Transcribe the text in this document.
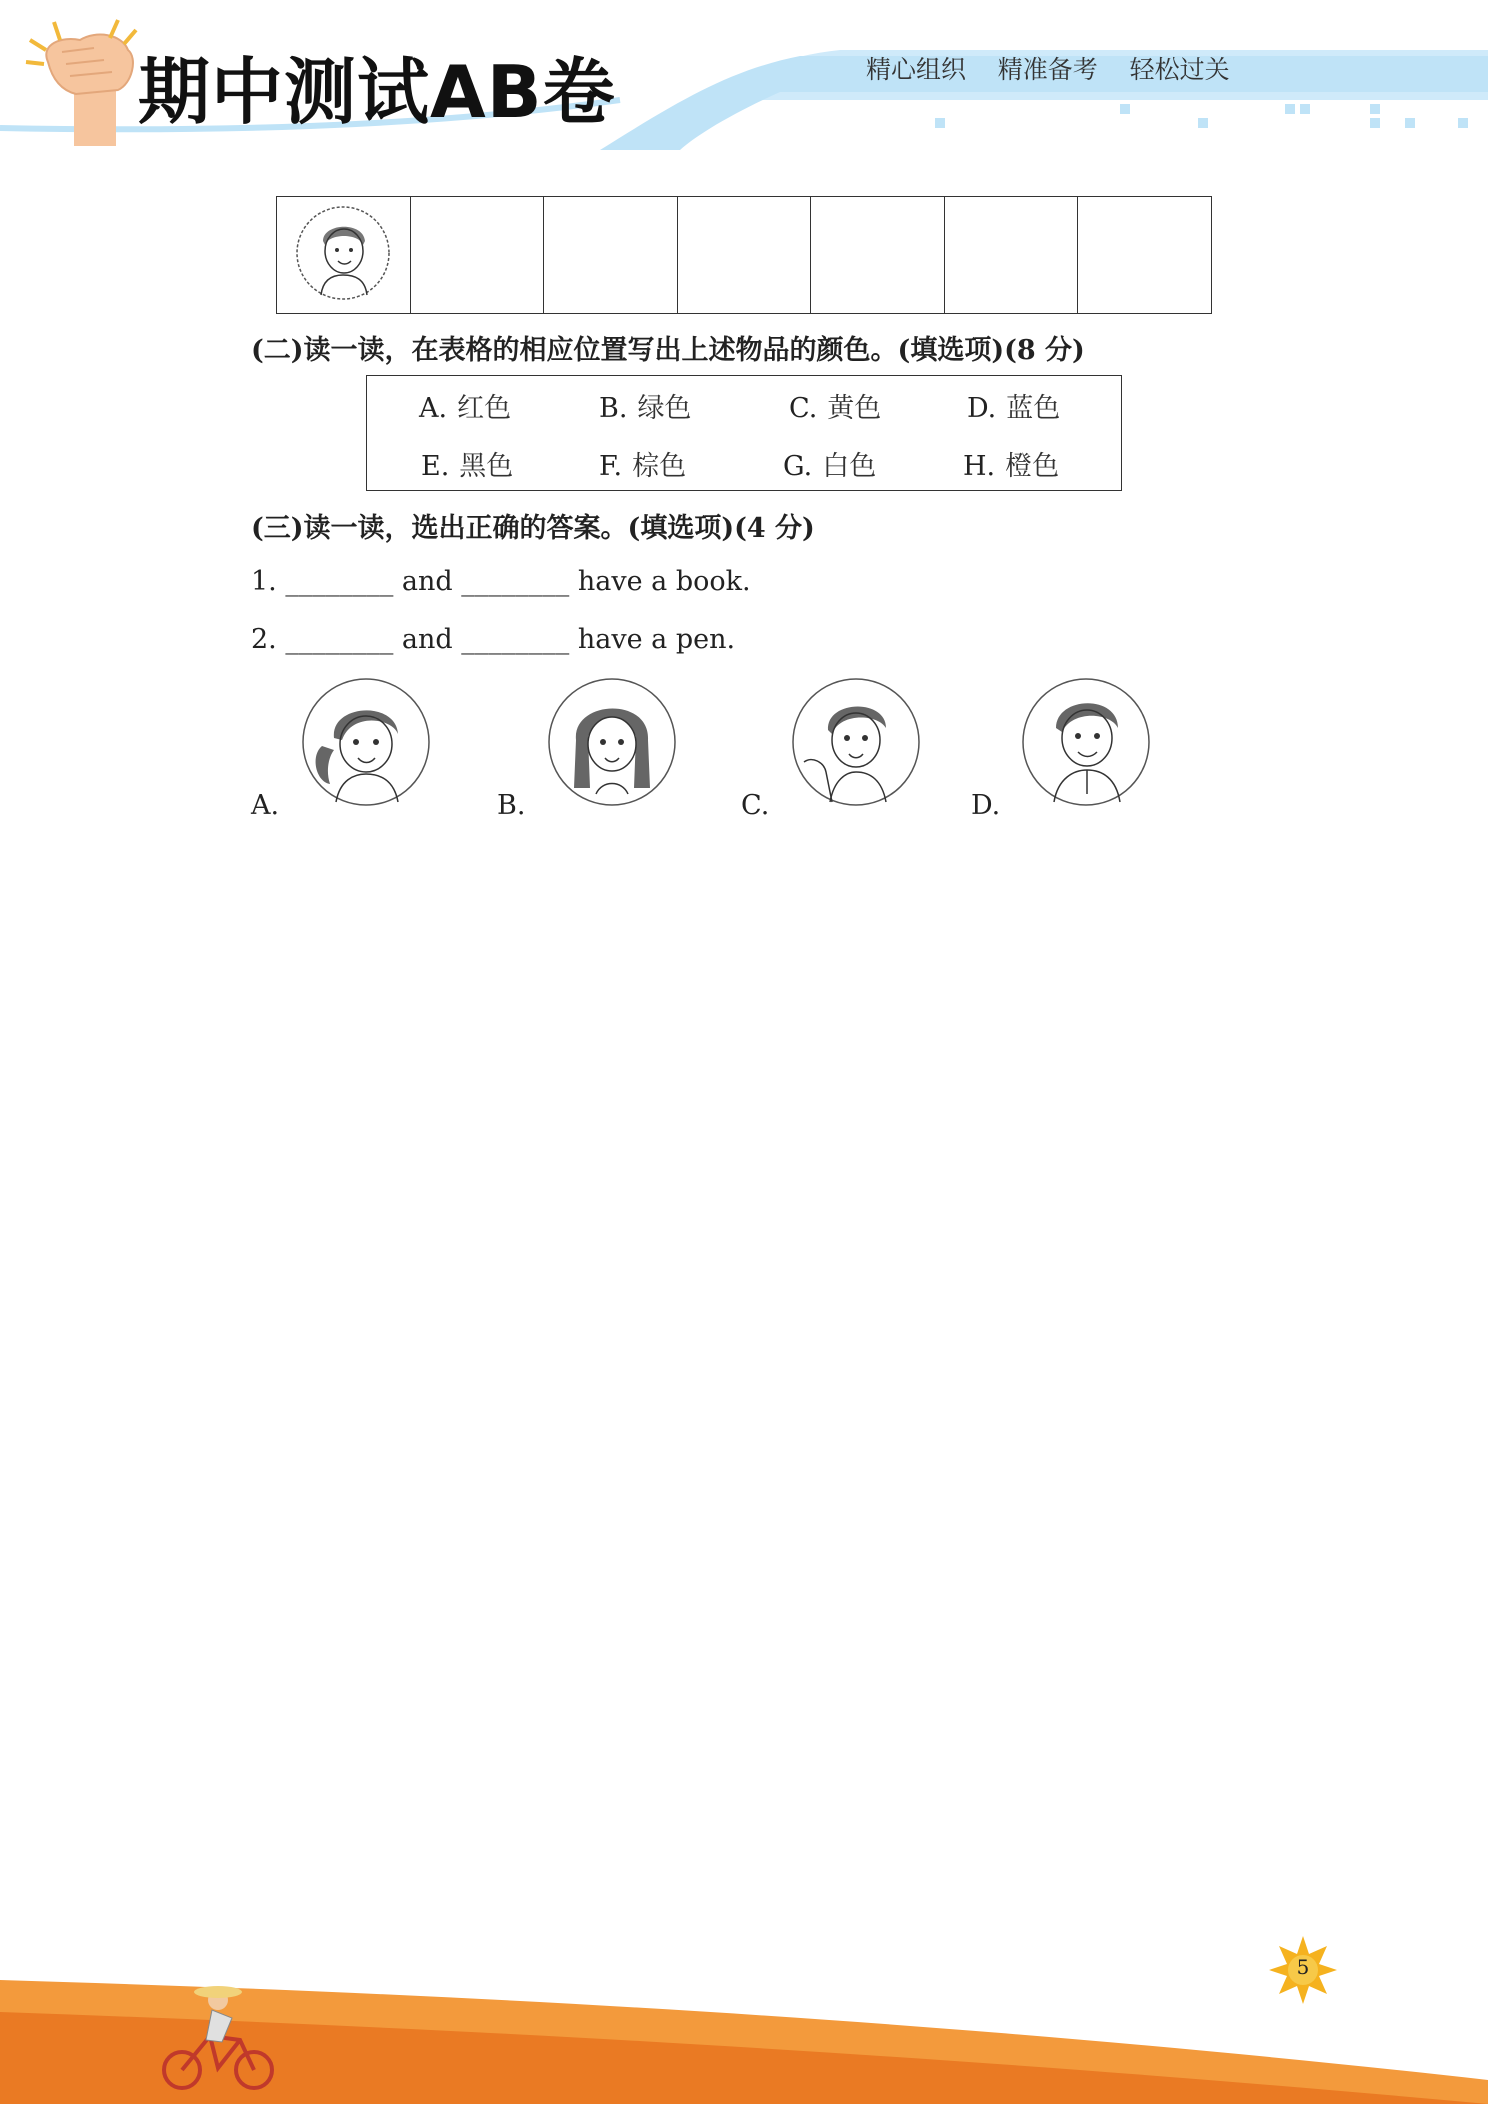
期中测试AB卷	精心组织    精准备考    轻松过关

(二)读一读，在表格的相应位置写出上述物品的颜色。(填选项)(8 分)
A. 红色	B. 绿色	C. 黄色	D. 蓝色
E. 黑色	F. 棕色	G. 白色	H. 橙色
(三)读一读，选出正确的答案。(填选项)(4 分)
1. ________ and ________ have a book.
2. ________ and ________ have a pen.
A.	B.	C.	D.
5
